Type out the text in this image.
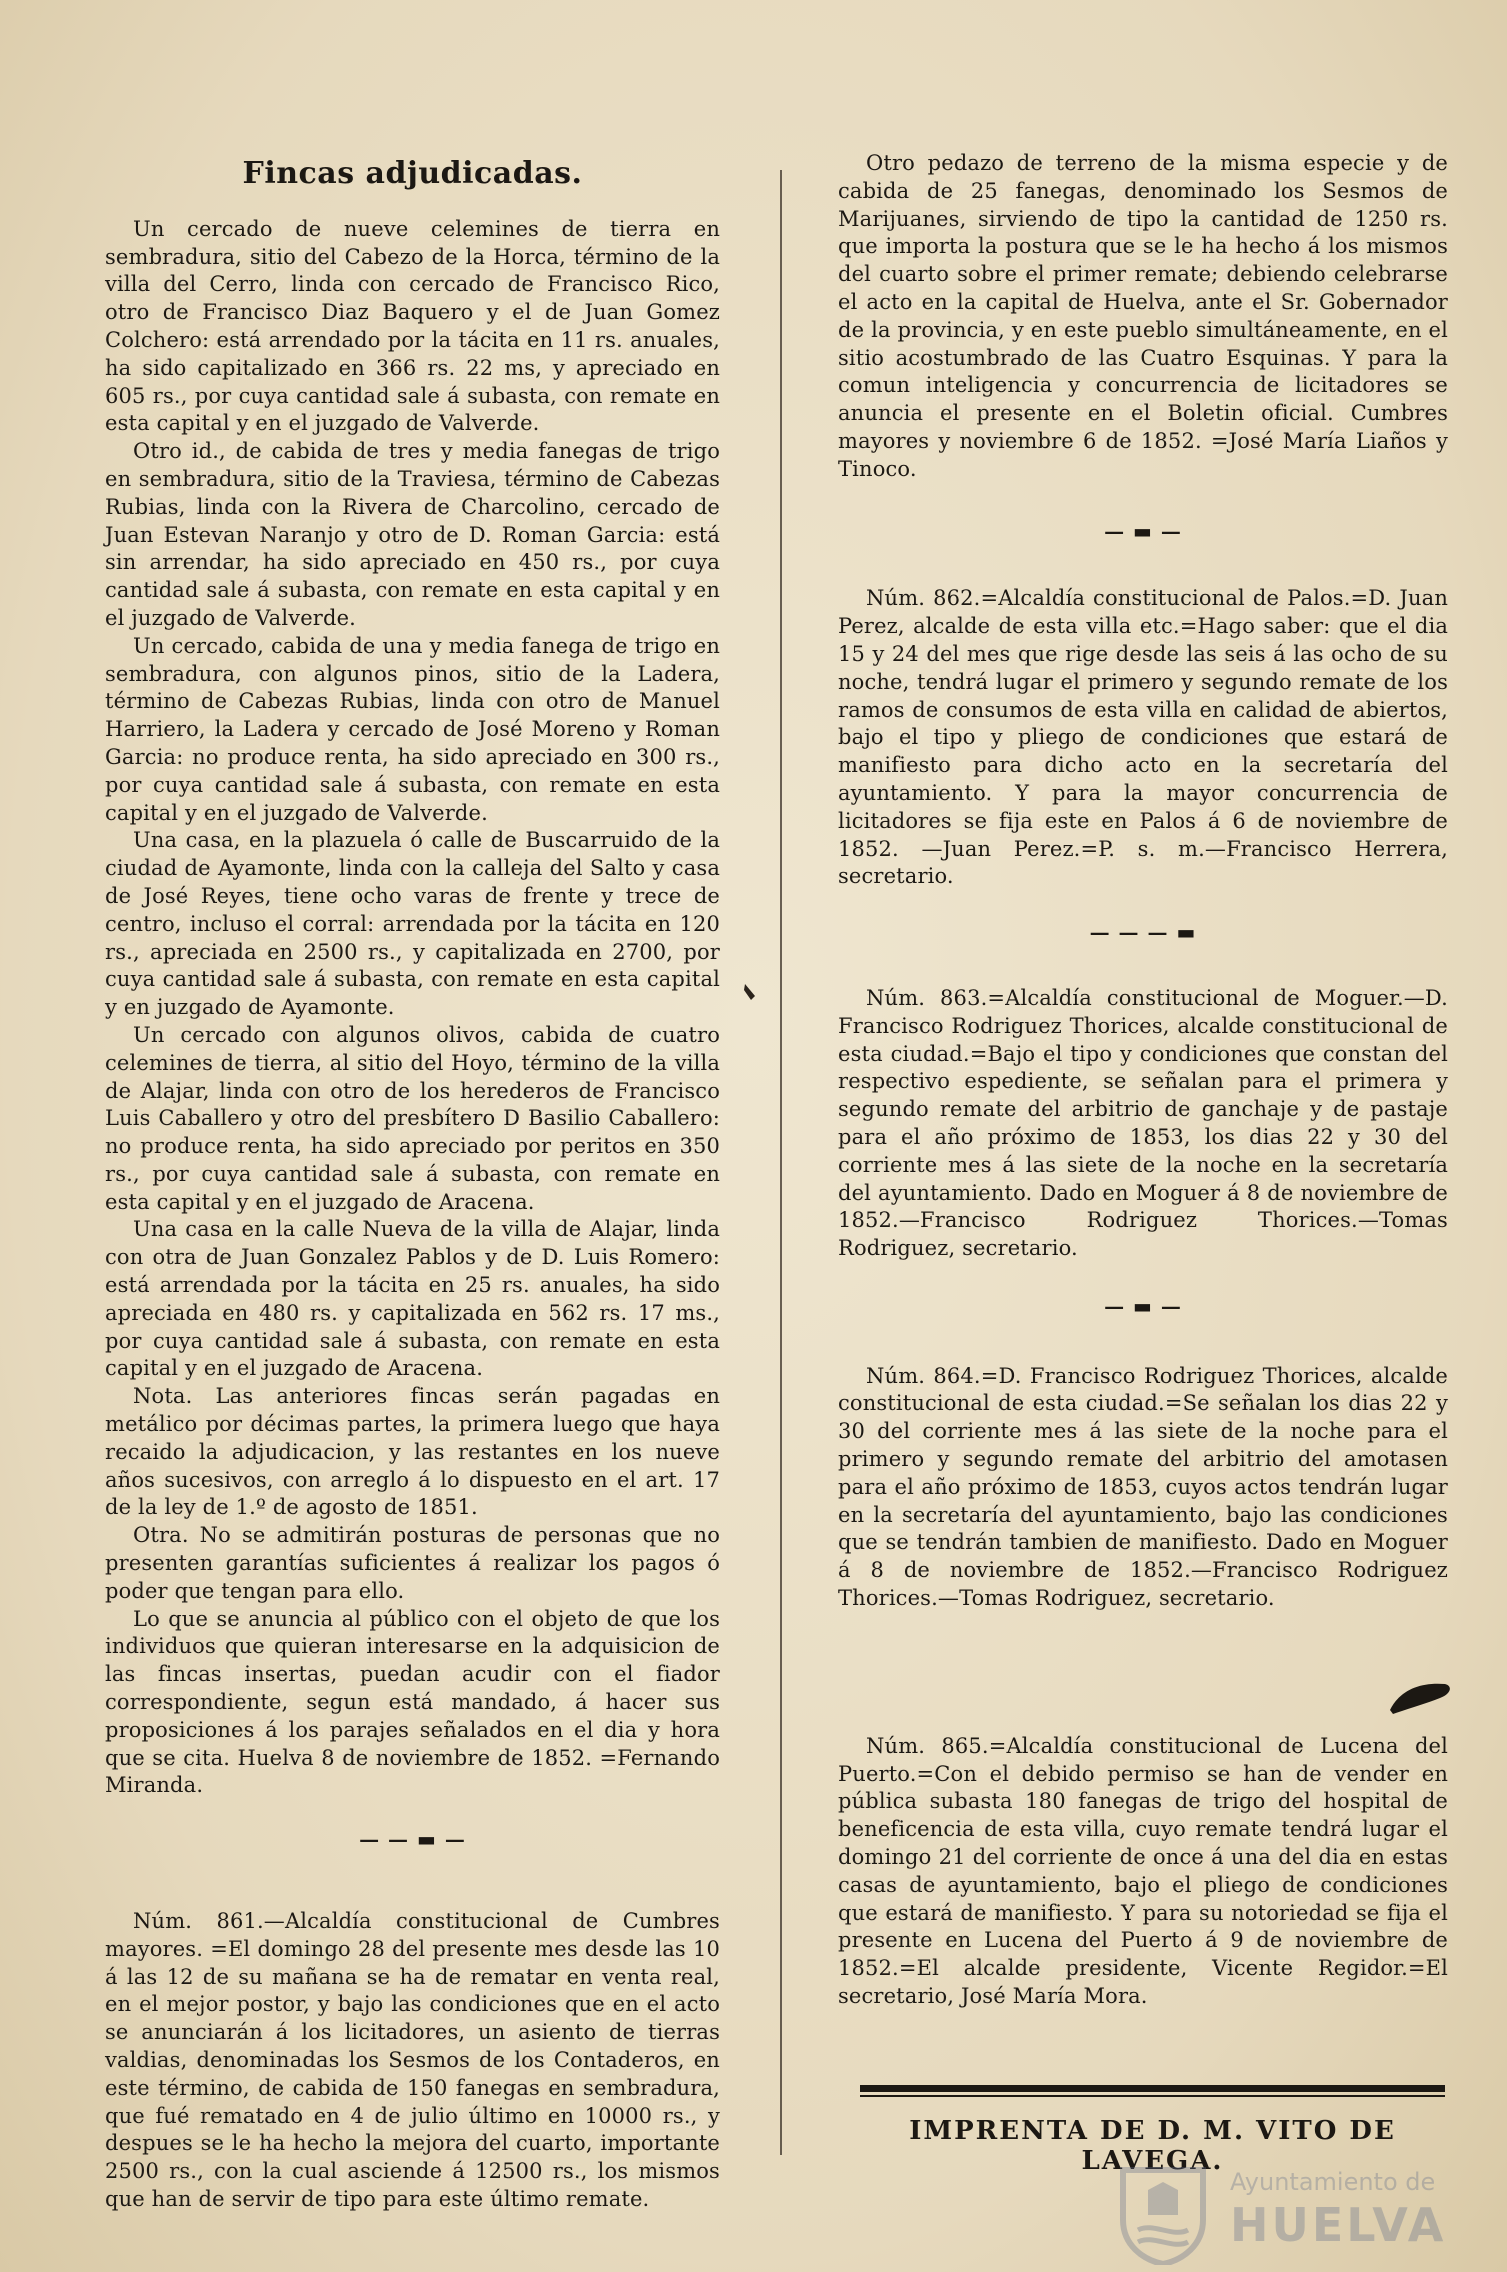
Fincas adjudicadas.

Un cercado de nueve celemines de tierra en sembradura, sitio del Cabezo de la Horca, término de la villa del Cerro, linda con cercado de Francisco Rico, otro de Francisco Diaz Baquero y el de Juan Gomez Colchero: está arrendado por la tácita en 11 rs. anuales, ha sido capitalizado en 366 rs. 22 ms, y apreciado en 605 rs., por cuya cantidad sale á subasta, con remate en esta capital y en el juzgado de Valverde.

Otro id., de cabida de tres y media fanegas de trigo en sembradura, sitio de la Traviesa, término de Cabezas Rubias, linda con la Rivera de Charcolino, cercado de Juan Estevan Naranjo y otro de D. Roman Garcia: está sin arrendar, ha sido apreciado en 450 rs., por cuya cantidad sale á subasta, con remate en esta capital y en el juzgado de Valverde.

Un cercado, cabida de una y media fanega de trigo en sembradura, con algunos pinos, sitio de la Ladera, término de Cabezas Rubias, linda con otro de Manuel Harriero, la Ladera y cercado de José Moreno y Roman Garcia: no produce renta, ha sido apreciado en 300 rs., por cuya cantidad sale á subasta, con remate en esta capital y en el juzgado de Valverde.

Una casa, en la plazuela ó calle de Buscarruido de la ciudad de Ayamonte, linda con la calleja del Salto y casa de José Reyes, tiene ocho varas de frente y trece de centro, incluso el corral: arrendada por la tácita en 120 rs., apreciada en 2500 rs., y capitalizada en 2700, por cuya cantidad sale á subasta, con remate en esta capital y en juzgado de Ayamonte.

Un cercado con algunos olivos, cabida de cuatro celemines de tierra, al sitio del Hoyo, término de la villa de Alajar, linda con otro de los herederos de Francisco Luis Caballero y otro del presbítero D Basilio Caballero: no produce renta, ha sido apreciado por peritos en 350 rs., por cuya cantidad sale á subasta, con remate en esta capital y en el juzgado de Aracena.

Una casa en la calle Nueva de la villa de Alajar, linda con otra de Juan Gonzalez Pablos y de D. Luis Romero: está arrendada por la tácita en 25 rs. anuales, ha sido apreciada en 480 rs. y capitalizada en 562 rs. 17 ms., por cuya cantidad sale á subasta, con remate en esta capital y en el juzgado de Aracena.

Nota. Las anteriores fincas serán pagadas en metálico por décimas partes, la primera luego que haya recaido la adjudicacion, y las restantes en los nueve años sucesivos, con arreglo á lo dispuesto en el art. 17 de la ley de 1.º de agosto de 1851.

Otra. No se admitirán posturas de personas que no presenten garantías suficientes á realizar los pagos ó poder que tengan para ello.

Lo que se anuncia al público con el objeto de que los individuos que quieran interesarse en la adquisicion de las fincas insertas, puedan acudir con el fiador correspondiente, segun está mandado, á hacer sus proposiciones á los parajes señalados en el dia y hora que se cita. Huelva 8 de noviembre de 1852. =Fernando Miranda.

— — ▬ —

Núm. 861.—Alcaldía constitucional de Cumbres mayores. =El domingo 28 del presente mes desde las 10 á las 12 de su mañana se ha de rematar en venta real, en el mejor postor, y bajo las condiciones que en el acto se anunciarán á los licitadores, un asiento de tierras valdias, denominadas los Sesmos de los Contaderos, en este término, de cabida de 150 fanegas en sembradura, que fué rematado en 4 de julio último en 10000 rs., y despues se le ha hecho la mejora del cuarto, importante 2500 rs., con la cual asciende á 12500 rs., los mismos que han de servir de tipo para este último remate.

Otro pedazo de terreno de la misma especie y de cabida de 25 fanegas, denominado los Sesmos de Marijuanes, sirviendo de tipo la cantidad de 1250 rs. que importa la postura que se le ha hecho á los mismos del cuarto sobre el primer remate; debiendo celebrarse el acto en la capital de Huelva, ante el Sr. Gobernador de la provincia, y en este pueblo simultáneamente, en el sitio acostumbrado de las Cuatro Esquinas. Y para la comun inteligencia y concurrencia de licitadores se anuncia el presente en el Boletin oficial. Cumbres mayores y noviembre 6 de 1852. =José María Liaños y Tinoco.

— ▬ —

Núm. 862.=Alcaldía constitucional de Palos.=D. Juan Perez, alcalde de esta villa etc.=Hago saber: que el dia 15 y 24 del mes que rige desde las seis á las ocho de su noche, tendrá lugar el primero y segundo remate de los ramos de consumos de esta villa en calidad de abiertos, bajo el tipo y pliego de condiciones que estará de manifiesto para dicho acto en la secretaría del ayuntamiento. Y para la mayor concurrencia de licitadores se fija este en Palos á 6 de noviembre de 1852. —Juan Perez.=P. s. m.—Francisco Herrera, secretario.

— — — ▬

Núm. 863.=Alcaldía constitucional de Moguer.—D. Francisco Rodriguez Thorices, alcalde constitucional de esta ciudad.=Bajo el tipo y condiciones que constan del respectivo espediente, se señalan para el primera y segundo remate del arbitrio de ganchaje y de pastaje para el año próximo de 1853, los dias 22 y 30 del corriente mes á las siete de la noche en la secretaría del ayuntamiento. Dado en Moguer á 8 de noviembre de 1852.—Francisco Rodriguez Thorices.—Tomas Rodriguez, secretario.

— ▬ —

Núm. 864.=D. Francisco Rodriguez Thorices, alcalde constitucional de esta ciudad.=Se señalan los dias 22 y 30 del corriente mes á las siete de la noche para el primero y segundo remate del arbitrio del amotasen para el año próximo de 1853, cuyos actos tendrán lugar en la secretaría del ayuntamiento, bajo las condiciones que se tendrán tambien de manifiesto. Dado en Moguer á 8 de noviembre de 1852.—Francisco Rodriguez Thorices.—Tomas Rodriguez, secretario.

Núm. 865.=Alcaldía constitucional de Lucena del Puerto.=Con el debido permiso se han de vender en pública subasta 180 fanegas de trigo del hospital de beneficencia de esta villa, cuyo remate tendrá lugar el domingo 21 del corriente de once á una del dia en estas casas de ayuntamiento, bajo el pliego de condiciones que estará de manifiesto. Y para su notoriedad se fija el presente en Lucena del Puerto á 9 de noviembre de 1852.=El alcalde presidente, Vicente Regidor.=El secretario, José María Mora.

IMPRENTA DE D. M. VITO DE LAVEGA.
Ayuntamiento de
HUELVA
